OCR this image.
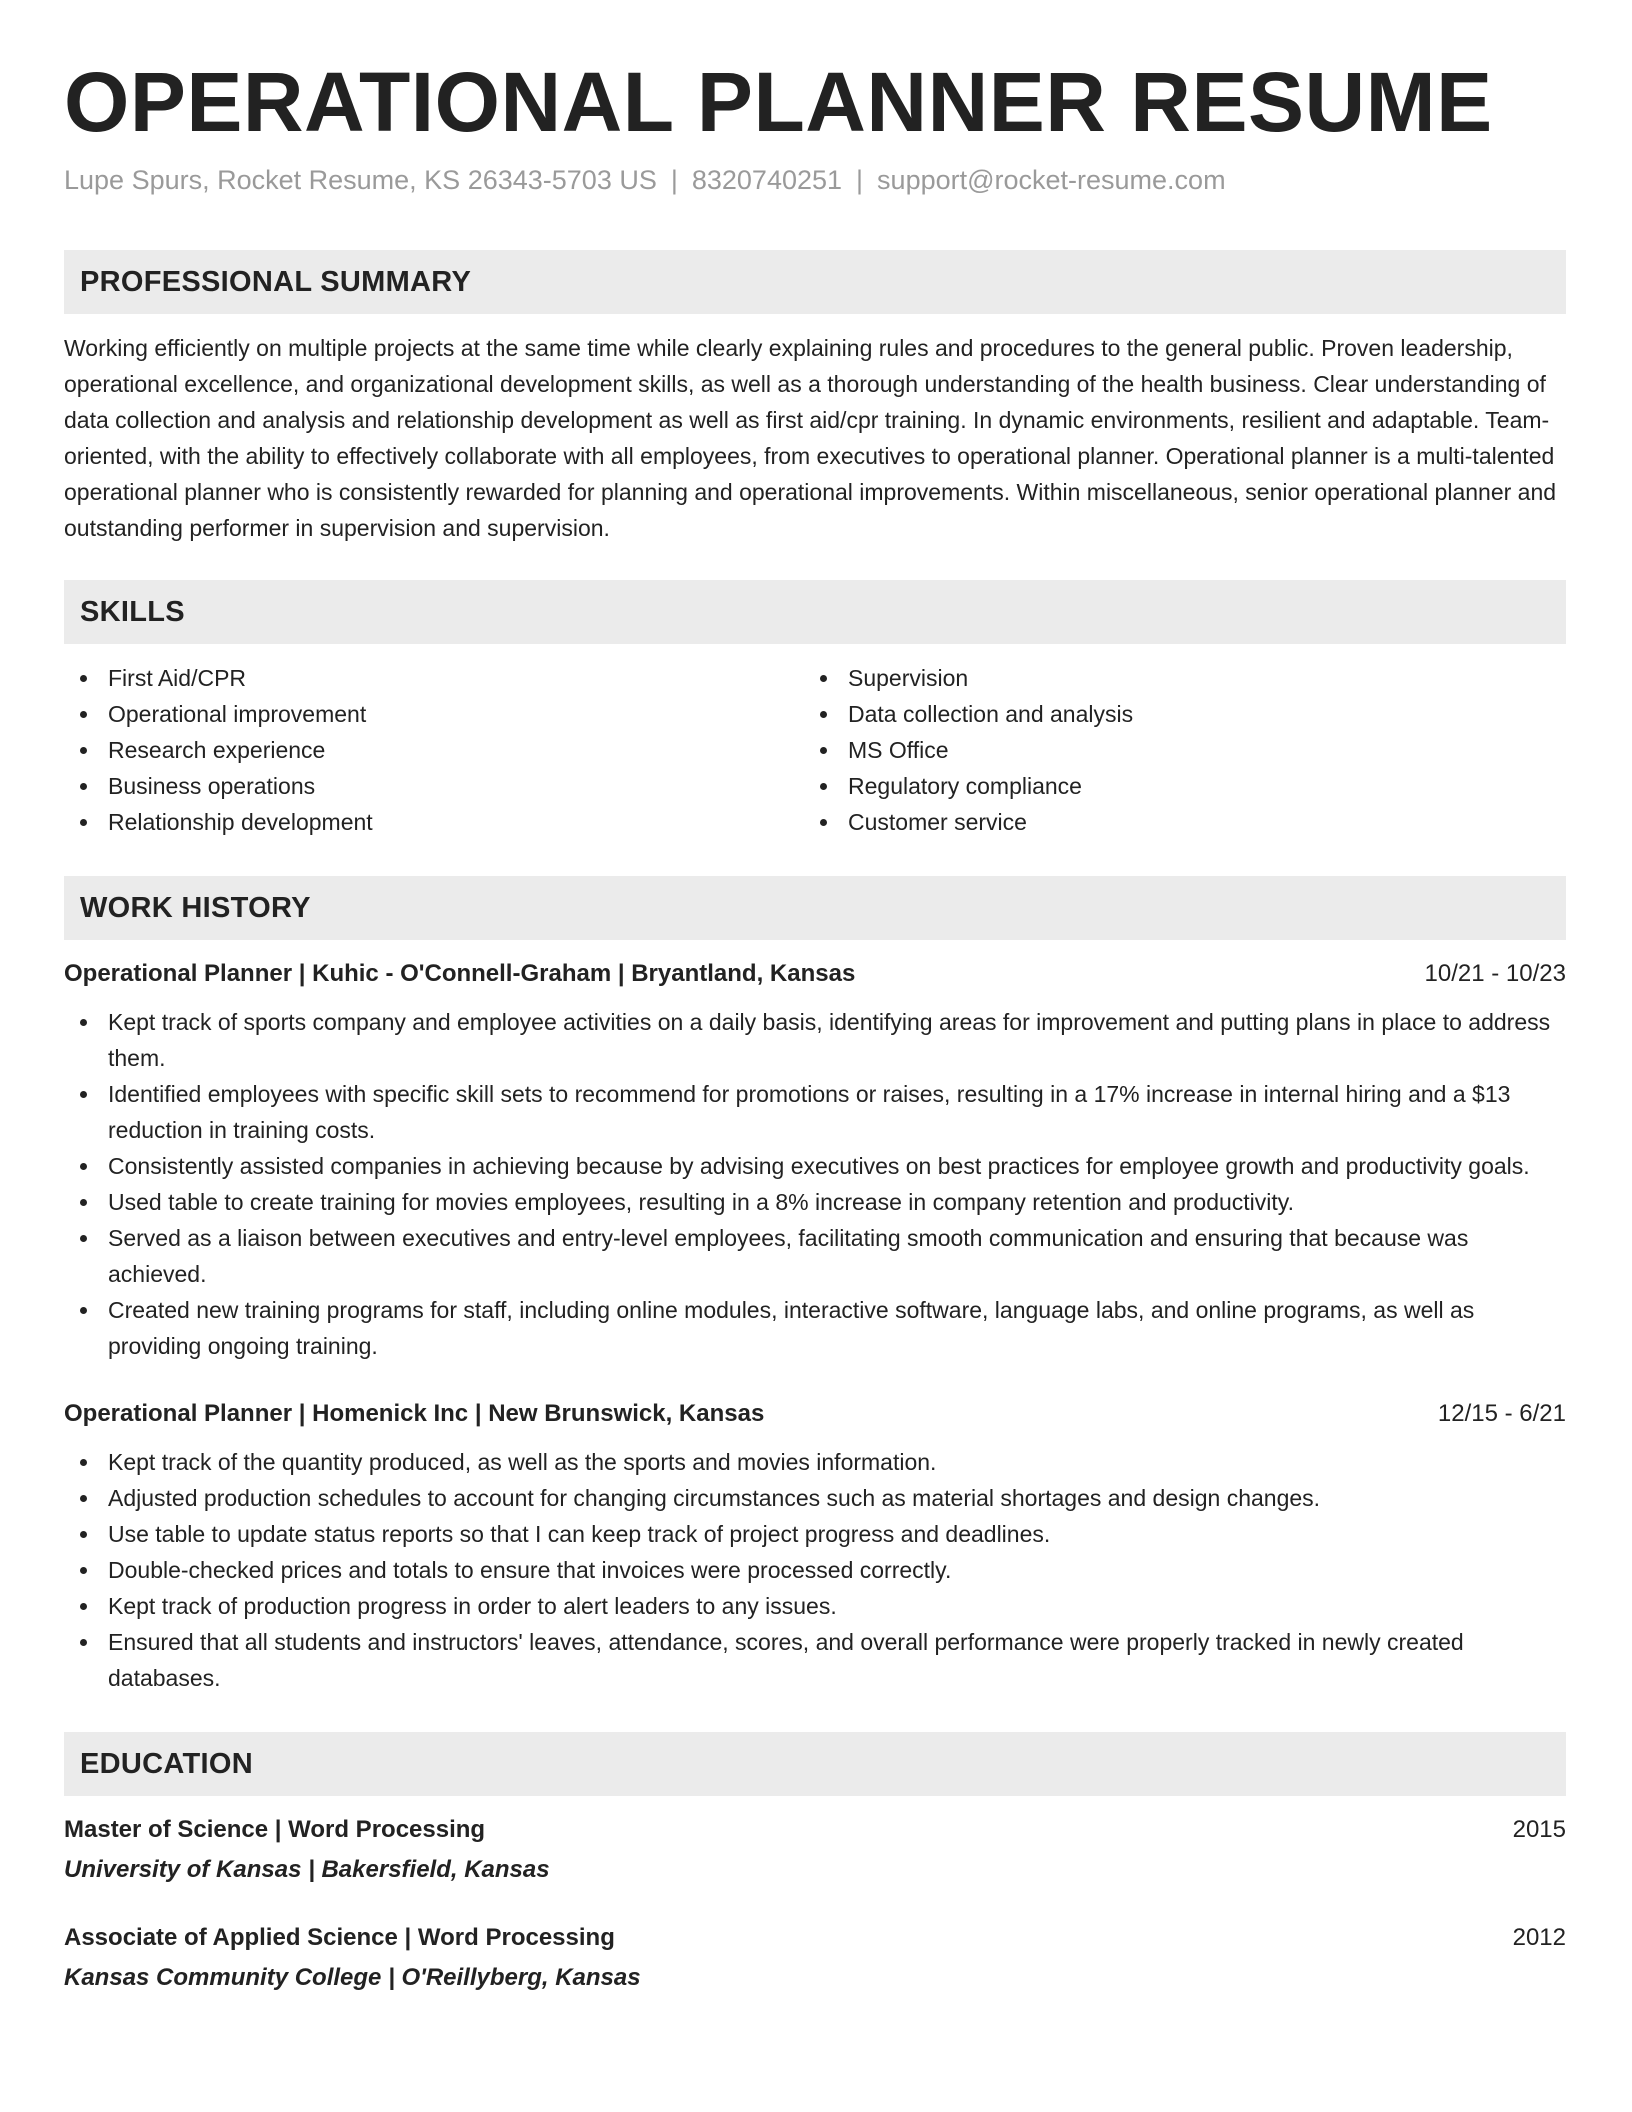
OPERATIONAL PLANNER RESUME
Lupe Spurs, Rocket Resume, KS 26343-5703 US | 8320740251 | support@rocket-resume.com
PROFESSIONAL SUMMARY
Working efficiently on multiple projects at the same time while clearly explaining rules and procedures to the general public. Proven leadership, operational excellence, and organizational development skills, as well as a thorough understanding of the health business. Clear understanding of data collection and analysis and relationship development as well as first aid/cpr training. In dynamic environments, resilient and adaptable. Team-oriented, with the ability to effectively collaborate with all employees, from executives to operational planner. Operational planner is a multi-talented operational planner who is consistently rewarded for planning and operational improvements. Within miscellaneous, senior operational planner and outstanding performer in supervision and supervision.
SKILLS
First Aid/CPR
Operational improvement
Research experience
Business operations
Relationship development
Supervision
Data collection and analysis
MS Office
Regulatory compliance
Customer service
WORK HISTORY
Operational Planner | Kuhic - O'Connell-Graham | Bryantland, Kansas	10/21 - 10/23
Kept track of sports company and employee activities on a daily basis, identifying areas for improvement and putting plans in place to address them.
Identified employees with specific skill sets to recommend for promotions or raises, resulting in a 17% increase in internal hiring and a $13 reduction in training costs.
Consistently assisted companies in achieving because by advising executives on best practices for employee growth and productivity goals.
Used table to create training for movies employees, resulting in a 8% increase in company retention and productivity.
Served as a liaison between executives and entry-level employees, facilitating smooth communication and ensuring that because was achieved.
Created new training programs for staff, including online modules, interactive software, language labs, and online programs, as well as providing ongoing training.
Operational Planner | Homenick Inc | New Brunswick, Kansas	12/15 - 6/21
Kept track of the quantity produced, as well as the sports and movies information.
Adjusted production schedules to account for changing circumstances such as material shortages and design changes.
Use table to update status reports so that I can keep track of project progress and deadlines.
Double-checked prices and totals to ensure that invoices were processed correctly.
Kept track of production progress in order to alert leaders to any issues.
Ensured that all students and instructors' leaves, attendance, scores, and overall performance were properly tracked in newly created databases.
EDUCATION
Master of Science | Word Processing	2015
University of Kansas | Bakersfield, Kansas
Associate of Applied Science | Word Processing	2012
Kansas Community College | O'Reillyberg, Kansas
